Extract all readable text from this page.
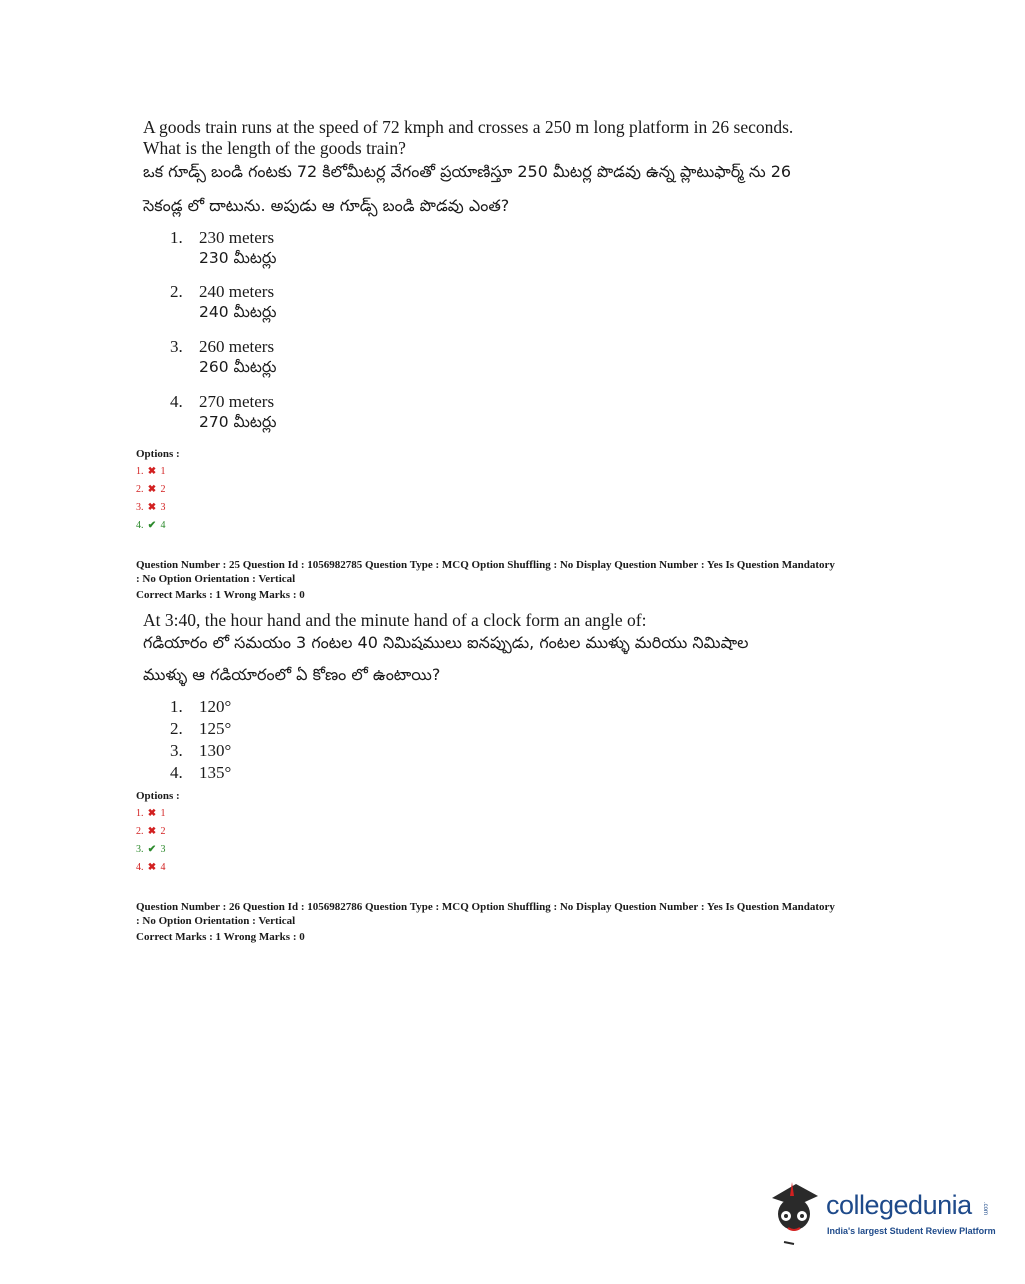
A goods train runs at the speed of 72 kmph and crosses a 250 m long platform in 26 seconds.
What is the length of the goods train?
ఒక గూడ్స్ బండి గంటకు 72 కిలోమీటర్ల వేగంతో ప్రయాణిస్తూ 250 మీటర్ల పొడవు ఉన్న ప్లాటుఫార్మ్ ను 26
సెకండ్ల లో దాటును. అపుడు ఆ గూడ్స్ బండి పొడవు ఎంత?
1. 230 meters
230 మీటర్లు
2. 240 meters
240 మీటర్లు
3. 260 meters
260 మీటర్లు
4. 270 meters
270 మీటర్లు
Options :
1. ✖ 1
2. ✖ 2
3. ✖ 3
4. ✔ 4
Question Number : 25 Question Id : 1056982785 Question Type : MCQ Option Shuffling : No Display Question Number : Yes Is Question Mandatory
: No Option Orientation : Vertical
Correct Marks : 1 Wrong Marks : 0
At 3:40, the hour hand and the minute hand of a clock form an angle of:
గడియారం లో సమయం 3 గంటల 40 నిమిషములు ఐనప్పుడు, గంటల ముళ్ళు మరియు నిమిషాల
ముళ్ళు ఆ గడియారంలో ఏ కోణం లో ఉంటాయి?
1. 120°
2. 125°
3. 130°
4. 135°
Options :
1. ✖ 1
2. ✖ 2
3. ✔ 3
4. ✖ 4
Question Number : 26 Question Id : 1056982786 Question Type : MCQ Option Shuffling : No Display Question Number : Yes Is Question Mandatory
: No Option Orientation : Vertical
Correct Marks : 1 Wrong Marks : 0
collegedunia .com
India's largest Student Review Platform
